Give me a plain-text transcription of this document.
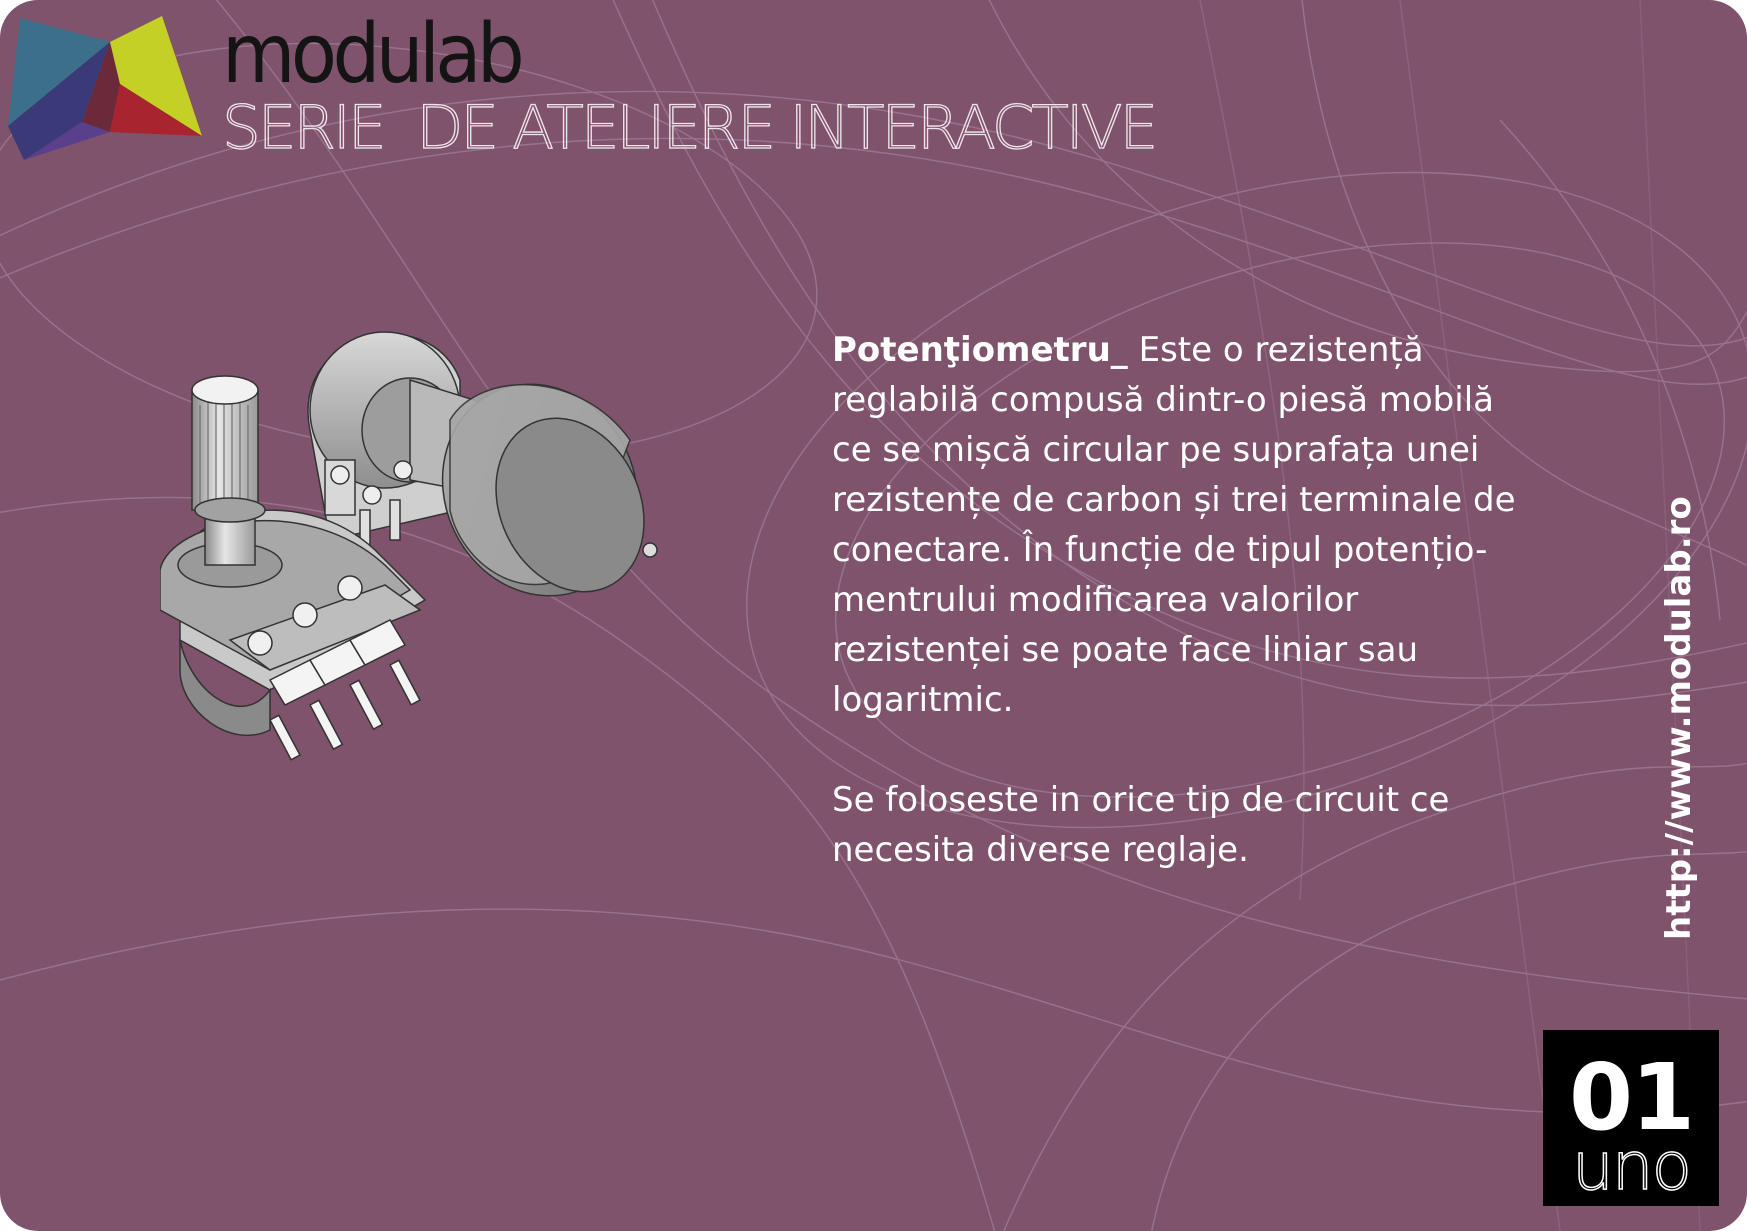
modulab
SERIE  DE ATELIERE INTERACTIVE

Potenţiometru_ Este o rezistență

reglabilă compusă dintr-o piesă mobilă

ce se mișcă circular pe suprafața unei

rezistențe de carbon și trei terminale de

conectare. În funcție de tipul potențio-

mentrului modificarea valorilor

rezistenței se poate face liniar sau

logaritmic.

Se foloseste in orice tip de circuit ce

necesita diverse reglaje.	http://www.modulab.ro
01
uno
